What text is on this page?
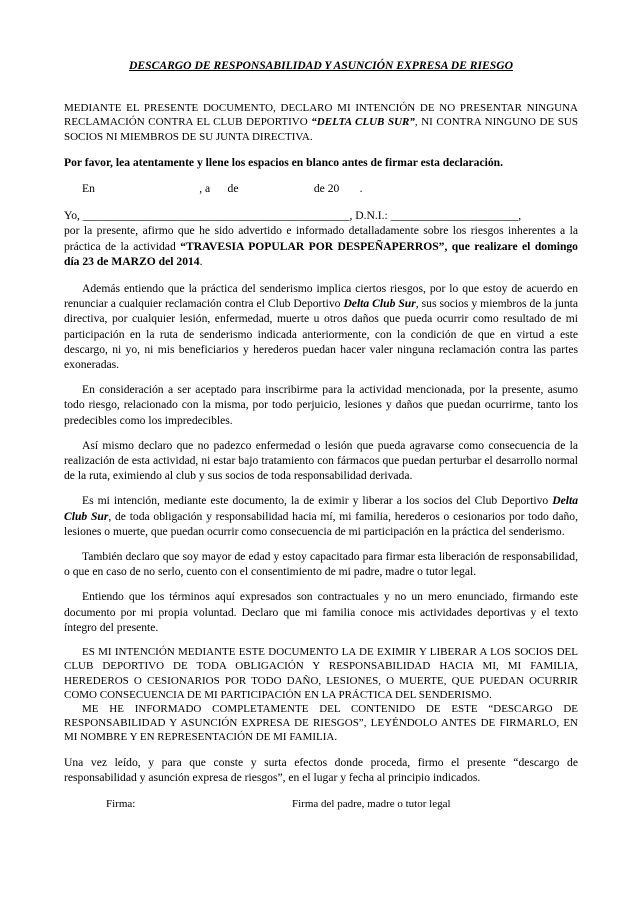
DESCARGO DE RESPONSABILIDAD Y ASUNCIÓN EXPRESA DE RIESGO

MEDIANTE EL PRESENTE DOCUMENTO, DECLARO MI INTENCIÓN DE NO PRESENTAR NINGUNA RECLAMACIÓN CONTRA EL CLUB DEPORTIVO “DELTA CLUB SUR”, NI CONTRA NINGUNO DE SUS SOCIOS NI MIEMBROS DE SU JUNTA DIRECTIVA.

Por favor, lea atentamente y llene los espacios en blanco antes de firmar esta declaración.

En                                    , a      de                          de 20       .

Yo, ______________________________________________, D.N.I.: ______________________,
por la presente, afirmo que he sido advertido e informado detalladamente sobre los riesgos inherentes a la práctica de la actividad “TRAVESIA POPULAR POR DESPEÑAPERROS”, que realizare el domingo día 23 de MARZO del 2014.

Además entiendo que la práctica del senderismo implica ciertos riesgos, por lo que estoy de acuerdo en renunciar a cualquier reclamación contra el Club Deportivo Delta Club Sur, sus socios y miembros de la junta directiva, por cualquier lesión, enfermedad, muerte u otros daños que pueda ocurrir como resultado de mi participación en la ruta de senderismo indicada anteriormente, con la condición de que en virtud a este descargo, ni yo, ni mis beneficiarios y herederos puedan hacer valer ninguna reclamación contra las partes exoneradas.

En consideración a ser aceptado para inscribirme para la actividad mencionada, por la presente, asumo todo riesgo, relacionado con la misma, por todo perjuicio, lesiones y daños que puedan ocurrirme, tanto los predecibles como los impredecibles.

Así mismo declaro que no padezco enfermedad o lesión que pueda agravarse como consecuencia de la realización de esta actividad, ni estar bajo tratamiento con fármacos que puedan perturbar el desarrollo normal de la ruta, eximiendo al club y sus socios de toda responsabilidad derivada.

Es mi intención, mediante este documento, la de eximir y liberar a los socios del Club Deportivo Delta Club Sur, de toda obligación y responsabilidad hacia mí, mi familia, herederos o cesionarios por todo daño, lesiones o muerte, que puedan ocurrir como consecuencia de mi participación en la práctica del senderismo.

También declaro que soy mayor de edad y estoy capacitado para firmar esta liberación de responsabilidad, o que en caso de no serlo, cuento con el consentimiento de mi padre, madre o tutor legal.

Entiendo que los términos aquí expresados son contractuales y no un mero enunciado, firmando este documento por mi propia voluntad. Declaro que mi familia conoce mis actividades deportivas y el texto íntegro del presente.

ES MI INTENCIÓN MEDIANTE ESTE DOCUMENTO LA DE EXIMIR Y LIBERAR A LOS SOCIOS DEL CLUB DEPORTIVO DE TODA OBLIGACIÓN Y RESPONSABILIDAD HACIA MI, MI FAMILIA, HEREDEROS O CESIONARIOS POR TODO DAÑO, LESIONES, O MUERTE, QUE PUEDAN OCURRIR COMO CONSECUENCIA DE MI PARTICIPACIÓN EN LA PRÁCTICA DEL SENDERISMO.

ME HE INFORMADO COMPLETAMENTE DEL CONTENIDO DE ESTE “DESCARGO DE RESPONSABILIDAD Y ASUNCIÓN EXPRESA DE RIESGOS”, LEYÉNDOLO ANTES DE FIRMARLO, EN MI NOMBRE Y EN REPRESENTACIÓN DE MI FAMILIA.

Una vez leído, y para que conste y surta efectos donde proceda, firmo el presente “descargo de responsabilidad y asunción expresa de riesgos”, en el lugar y fecha al principio indicados.

Firma:	Firma del padre, madre o tutor legal
